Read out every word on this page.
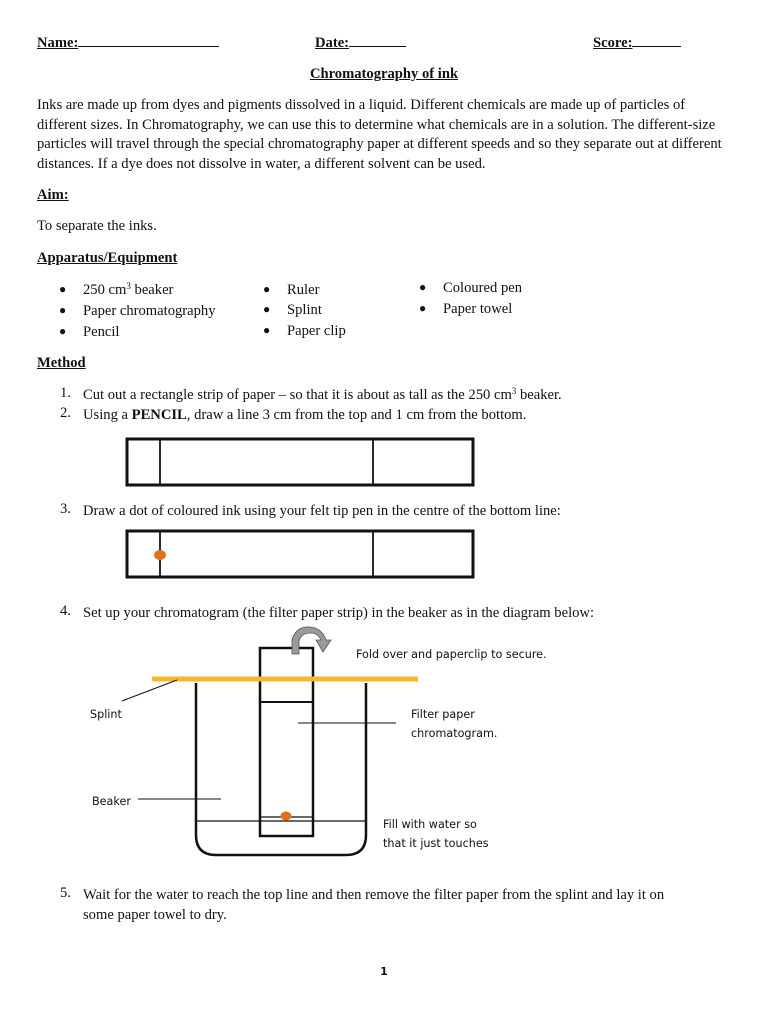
Name:	Date:	Score:
Chromatography of ink
Inks are made up from dyes and pigments dissolved in a liquid. Different chemicals are made up of particles of different sizes. In Chromatography, we can use this to determine what chemicals are in a solution. The different-size particles will travel through the special chromatography paper at different speeds and so they separate out at different distances. If a dye does not dissolve in water, a different solvent can be used.
Aim:
To separate the inks.
Apparatus/Equipment
● 250 $cm^3$ beaker
● Paper chromatography
● Pencil
● Ruler
● Splint
● Paper clip
● Coloured pen
● Paper towel
Method
1. Cut out a rectangle strip of paper – so that it is about as tall as the 250 $cm^3$ beaker.
2. Using a PENCIL, draw a line 3 cm from the top and 1 cm from the bottom.
3. Draw a dot of coloured ink using your felt tip pen in the centre of the bottom line:
4. Set up your chromatogram (the filter paper strip) in the beaker as in the diagram below:
5. Wait for the water to reach the top line and then remove the filter paper from the splint and lay it on
some paper towel to dry.
Fold over and paperclip to secure.
Splint	Filter paper
chromatogram.
Beaker
Fill with water so
that it just touches
1
